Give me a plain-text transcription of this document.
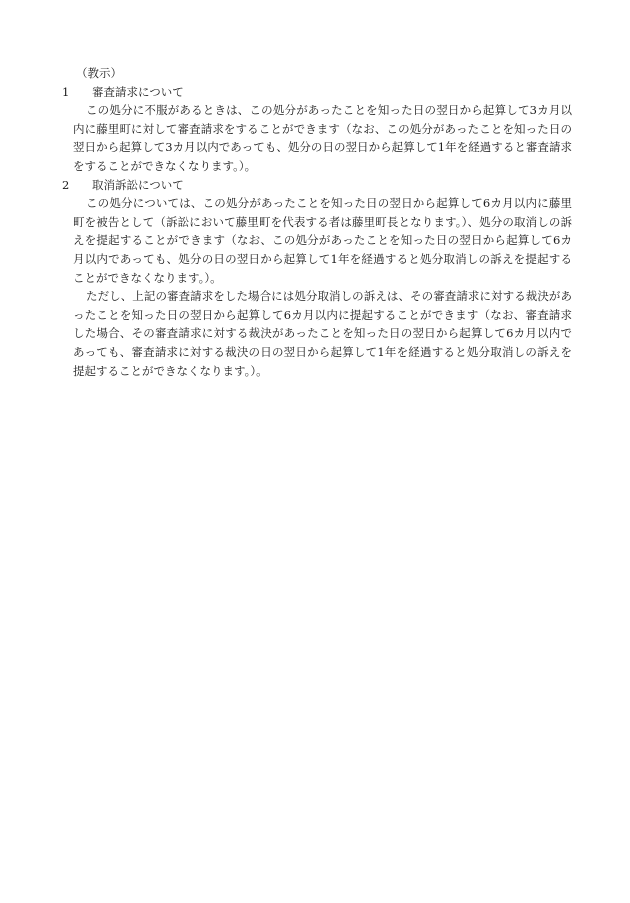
（教示）
1	審査請求について

この処分に不服があるときは、この処分があったことを知った日の翌日から起算して3カ月以内に藤里町に対して審査請求をすることができます（なお、この処分があったことを知った日の翌日から起算して3カ月以内であっても、処分の日の翌日から起算して1年を経過すると審査請求をすることができなくなります。）。

2	取消訴訟について

この処分については、この処分があったことを知った日の翌日から起算して6カ月以内に藤里町を被告として（訴訟において藤里町を代表する者は藤里町長となります。）、処分の取消しの訴えを提起することができます（なお、この処分があったことを知った日の翌日から起算して6カ月以内であっても、処分の日の翌日から起算して1年を経過すると処分取消しの訴えを提起することができなくなります。）。

ただし、上記の審査請求をした場合には処分取消しの訴えは、その審査請求に対する裁決があったことを知った日の翌日から起算して6カ月以内に提起することができます（なお、審査請求した場合、その審査請求に対する裁決があったことを知った日の翌日から起算して6カ月以内であっても、審査請求に対する裁決の日の翌日から起算して1年を経過すると処分取消しの訴えを提起することができなくなります。）。
